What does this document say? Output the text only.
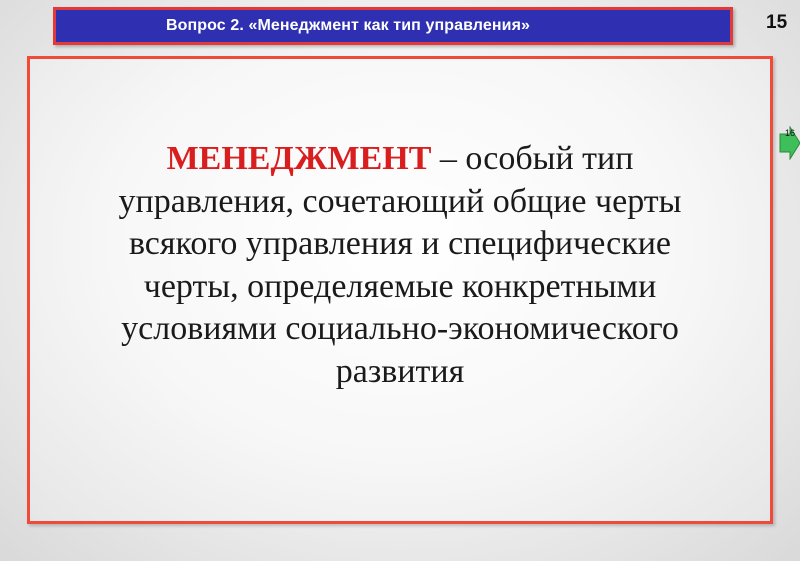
Вопрос 2. «Менеджмент как тип управления»	15
МЕНЕДЖМЕНТ – особый тип управления, сочетающий общие черты всякого управления и специфические черты, определяемые конкретными условиями социально-экономического развития
16
